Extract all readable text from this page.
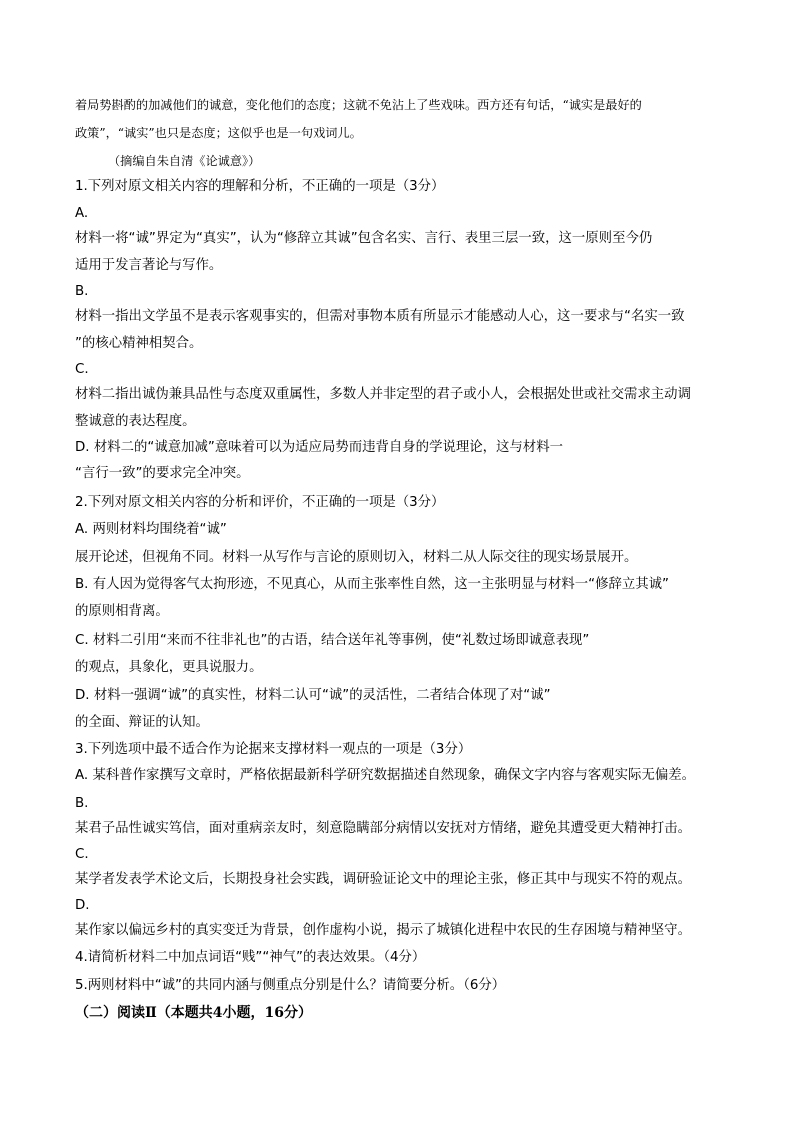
着局势斟酌的加减他们的诚意，变化他们的态度；这就不免沾上了些戏味。西方还有句话，“诚实是最好的
政策”，“诚实”也只是态度；这似乎也是一句戏词儿。
（摘编自朱自清《论诚意》）
1.下列对原文相关内容的理解和分析，不正确的一项是（3分）
A.
材料一将“诚”界定为“真实”，认为“修辞立其诚”包含名实、言行、表里三层一致，这一原则至今仍
适用于发言著论与写作。
B.
材料一指出文学虽不是表示客观事实的，但需对事物本质有所显示才能感动人心，这一要求与“名实一致
”的核心精神相契合。
C.
材料二指出诚伪兼具品性与态度双重属性，多数人并非定型的君子或小人，会根据处世或社交需求主动调
整诚意的表达程度。
D. 材料二的“诚意加减”意味着可以为适应局势而违背自身的学说理论，这与材料一
“言行一致”的要求完全冲突。
2.下列对原文相关内容的分析和评价，不正确的一项是（3分）
A. 两则材料均围绕着“诚”
展开论述，但视角不同。材料一从写作与言论的原则切入，材料二从人际交往的现实场景展开。
B. 有人因为觉得客气太拘形迹，不见真心，从而主张率性自然，这一主张明显与材料一“修辞立其诚”
的原则相背离。
C. 材料二引用“来而不往非礼也”的古语，结合送年礼等事例，使“礼数过场即诚意表现”
的观点，具象化，更具说服力。
D. 材料一强调“诚”的真实性，材料二认可“诚”的灵活性，二者结合体现了对“诚”
的全面、辩证的认知。
3.下列选项中最不适合作为论据来支撑材料一观点的一项是（3分）
A. 某科普作家撰写文章时，严格依据最新科学研究数据描述自然现象，确保文字内容与客观实际无偏差。
B.
某君子品性诚实笃信，面对重病亲友时，刻意隐瞒部分病情以安抚对方情绪，避免其遭受更大精神打击。
C.
某学者发表学术论文后，长期投身社会实践，调研验证论文中的理论主张，修正其中与现实不符的观点。
D.
某作家以偏远乡村的真实变迁为背景，创作虚构小说，揭示了城镇化进程中农民的生存困境与精神坚守。
4.请简析材料二中加点词语“贱”“神气”的表达效果。（4分）
5.两则材料中“诚”的共同内涵与侧重点分别是什么？请简要分析。（6分）
（二）阅读Ⅱ（本题共4小题，16分）
